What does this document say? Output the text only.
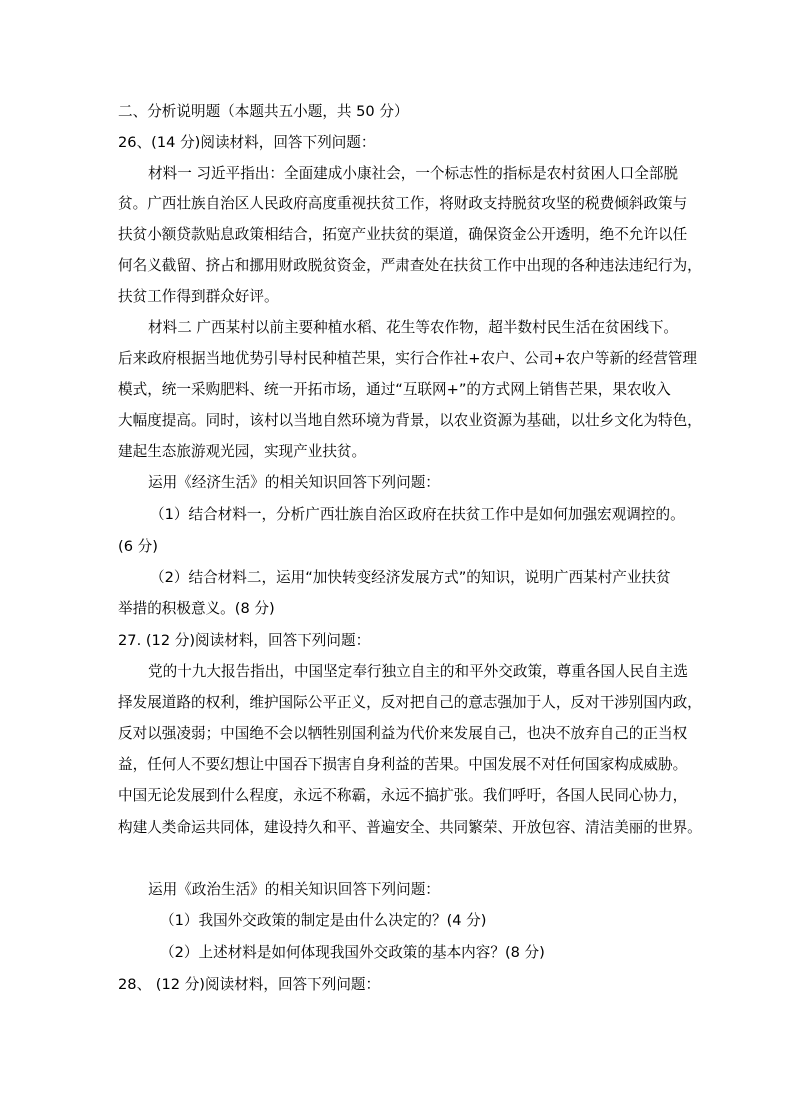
二、分析说明题（本题共五小题，共 50 分）
26、(14 分)阅读材料，回答下列问题：
材料一 习近平指出：全面建成小康社会，一个标志性的指标是农村贫困人口全部脱
贫。广西壮族自治区人民政府高度重视扶贫工作，将财政支持脱贫攻坚的税费倾斜政策与
扶贫小额贷款贴息政策相结合，拓宽产业扶贫的渠道，确保资金公开透明，绝不允许以任
何名义截留、挤占和挪用财政脱贫资金，严肃查处在扶贫工作中出现的各种违法违纪行为，
扶贫工作得到群众好评。
材料二 广西某村以前主要种植水稻、花生等农作物，超半数村民生活在贫困线下。
后来政府根据当地优势引导村民种植芒果，实行合作社+农户、公司+农户等新的经营管理
模式，统一采购肥料、统一开拓市场，通过“互联网+”的方式网上销售芒果，果农收入
大幅度提高。同时，该村以当地自然环境为背景，以农业资源为基础，以壮乡文化为特色，
建起生态旅游观光园，实现产业扶贫。
运用《经济生活》的相关知识回答下列问题：
（1）结合材料一，分析广西壮族自治区政府在扶贫工作中是如何加强宏观调控的。
(6 分)
（2）结合材料二，运用“加快转变经济发展方式”的知识，说明广西某村产业扶贫
举措的积极意义。(8 分)
27. (12 分)阅读材料，回答下列问题：
党的十九大报告指出，中国坚定奉行独立自主的和平外交政策，尊重各国人民自主选
择发展道路的权利，维护国际公平正义，反对把自己的意志强加于人，反对干涉别国内政，
反对以强凌弱；中国绝不会以牺牲别国利益为代价来发展自己，也决不放弃自己的正当权
益，任何人不要幻想让中国吞下损害自身利益的苦果。中国发展不对任何国家构成威胁。
中国无论发展到什么程度，永远不称霸，永远不搞扩张。我们呼吁，各国人民同心协力，
构建人类命运共同体，建设持久和平、普遍安全、共同繁荣、开放包容、清洁美丽的世界。
运用《政治生活》的相关知识回答下列问题：
（1）我国外交政策的制定是由什么决定的？(4 分)
（2）上述材料是如何体现我国外交政策的基本内容？(8 分)
28、 (12 分)阅读材料，回答下列问题：
